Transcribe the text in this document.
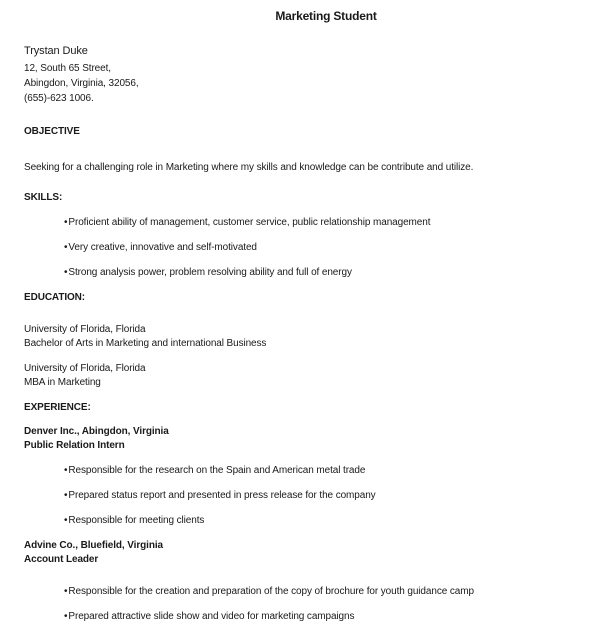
Marketing Student
Trystan Duke
12, South 65 Street,
Abingdon, Virginia, 32056,
(655)-623 1006.
OBJECTIVE
Seeking for a challenging role in Marketing where my skills and knowledge can be contribute and utilize.
SKILLS:
• Proficient ability of management, customer service, public relationship management
• Very creative, innovative and self-motivated
• Strong analysis power, problem resolving ability and full of energy
EDUCATION:
University of Florida, Florida
Bachelor of Arts in Marketing and international Business
University of Florida, Florida
MBA in Marketing
EXPERIENCE:
Denver Inc., Abingdon, Virginia
Public Relation Intern
• Responsible for the research on the Spain and American metal trade
• Prepared status report and presented in press release for the company
• Responsible for meeting clients
Advine Co., Bluefield, Virginia
Account Leader
• Responsible for the creation and preparation of the copy of brochure for youth guidance camp
• Prepared attractive slide show and video for marketing campaigns
